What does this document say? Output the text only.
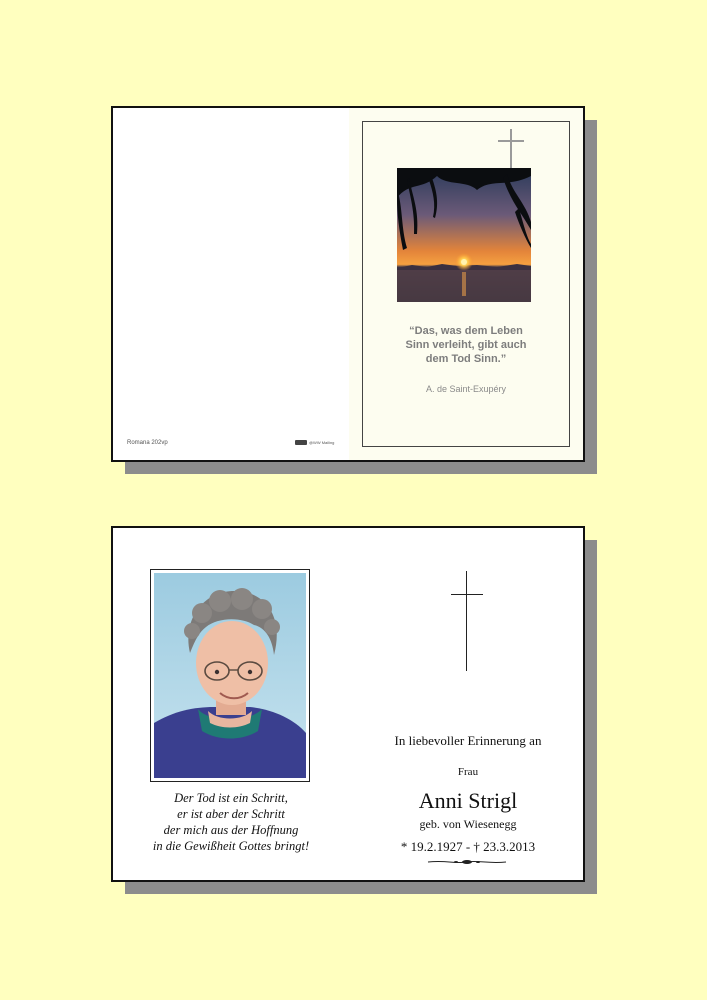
Romana 202vp	@WW Mailing
“Das, was dem Leben
Sinn verleiht, gibt auch
dem Tod Sinn.”
A. de Saint-Exupéry
Der Tod ist ein Schritt,
er ist aber der Schritt
der mich aus der Hoffnung
in die Gewißheit Gottes bringt!
In liebevoller Erinnerung an
Frau
Anni Strigl
geb. von Wiesenegg
* 19.2.1927 - † 23.3.2013
